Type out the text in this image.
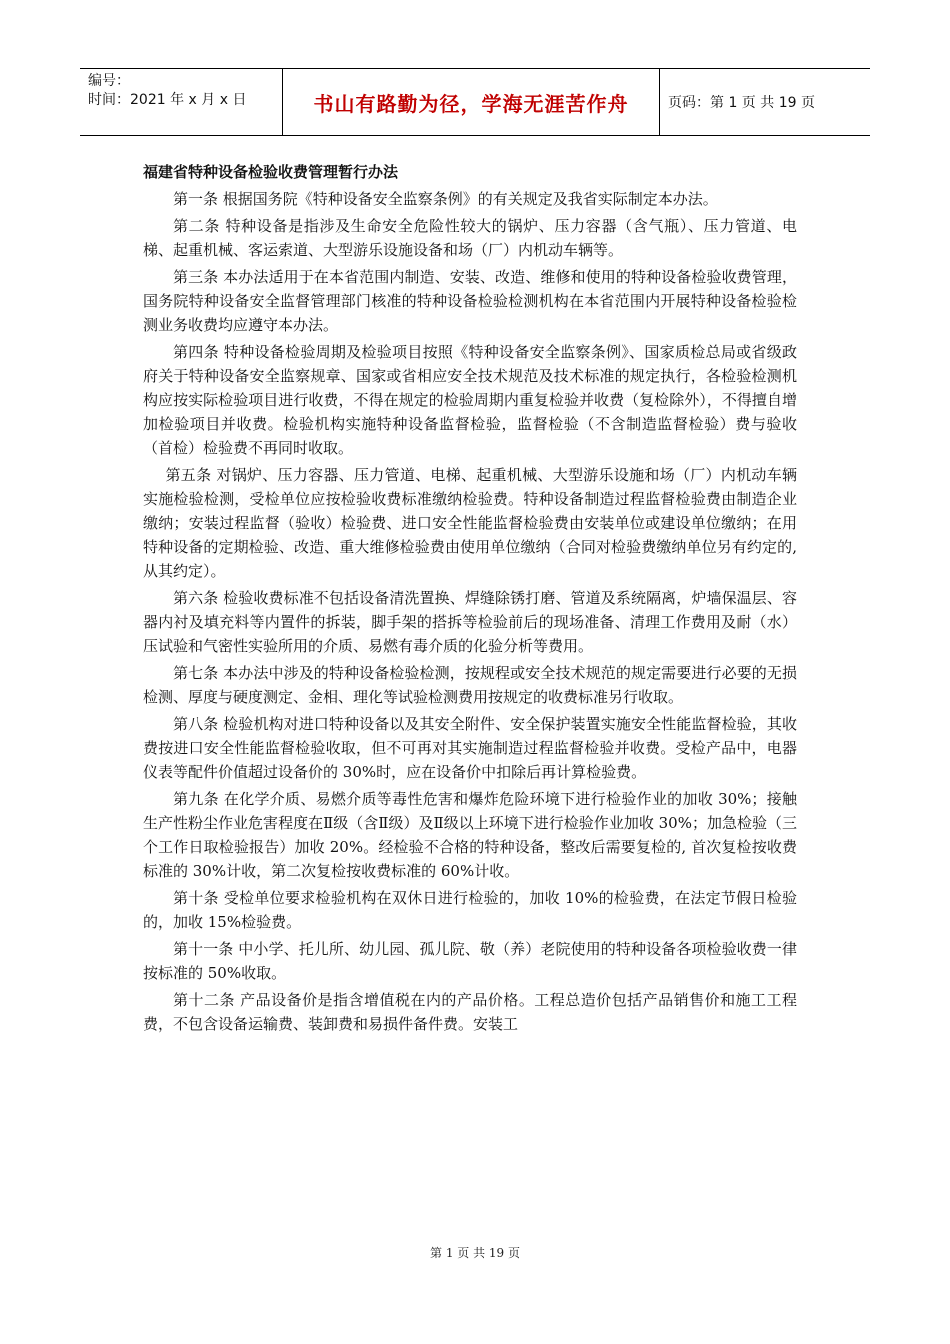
编号：
时间：2021 年 x 月 x 日	书山有路勤为径，学海无涯苦作舟	页码：第 1 页 共 19 页
福建省特种设备检验收费管理暂行办法

第一条 根据国务院《特种设备安全监察条例》的有关规定及我省实际制定本办法。

第二条 特种设备是指涉及生命安全危险性较大的锅炉、压力容器（含气瓶）、压力管道、电梯、起重机械、客运索道、大型游乐设施设备和场（厂）内机动车辆等。

第三条 本办法适用于在本省范围内制造、安装、改造、维修和使用的特种设备检验收费管理，国务院特种设备安全监督管理部门核准的特种设备检验检测机构在本省范围内开展特种设备检验检测业务收费均应遵守本办法。

第四条 特种设备检验周期及检验项目按照《特种设备安全监察条例》、国家质检总局或省级政府关于特种设备安全监察规章、国家或省相应安全技术规范及技术标准的规定执行，各检验检测机构应按实际检验项目进行收费，不得在规定的检验周期内重复检验并收费（复检除外），不得擅自增加检验项目并收费。检验机构实施特种设备监督检验，监督检验（不含制造监督检验）费与验收（首检）检验费不再同时收取。

第五条 对锅炉、压力容器、压力管道、电梯、起重机械、大型游乐设施和场（厂）内机动车辆实施检验检测，受检单位应按检验收费标准缴纳检验费。特种设备制造过程监督检验费由制造企业缴纳；安装过程监督（验收）检验费、进口安全性能监督检验费由安装单位或建设单位缴纳；在用特种设备的定期检验、改造、重大维修检验费由使用单位缴纳（合同对检验费缴纳单位另有约定的, 从其约定）。

第六条 检验收费标准不包括设备清洗置换、焊缝除锈打磨、管道及系统隔离，炉墙保温层、容器内衬及填充料等内置件的拆装，脚手架的搭拆等检验前后的现场准备、清理工作费用及耐（水）压试验和气密性实验所用的介质、易燃有毒介质的化验分析等费用。

第七条 本办法中涉及的特种设备检验检测，按规程或安全技术规范的规定需要进行必要的无损检测、厚度与硬度测定、金相、理化等试验检测费用按规定的收费标准另行收取。

第八条 检验机构对进口特种设备以及其安全附件、安全保护装置实施安全性能监督检验，其收费按进口安全性能监督检验收取，但不可再对其实施制造过程监督检验并收费。受检产品中，电器仪表等配件价值超过设备价的 30%时，应在设备价中扣除后再计算检验费。

第九条 在化学介质、易燃介质等毒性危害和爆炸危险环境下进行检验作业的加收 30%；接触生产性粉尘作业危害程度在Ⅱ级（含Ⅱ级）及Ⅱ级以上环境下进行检验作业加收 30%；加急检验（三个工作日取检验报告）加收 20%。经检验不合格的特种设备，整改后需要复检的, 首次复检按收费标准的 30%计收，第二次复检按收费标准的 60%计收。

第十条 受检单位要求检验机构在双休日进行检验的，加收 10%的检验费，在法定节假日检验的，加收 15%检验费。

第十一条 中小学、托儿所、幼儿园、孤儿院、敬（养）老院使用的特种设备各项检验收费一律按标准的 50%收取。

第十二条 产品设备价是指含增值税在内的产品价格。工程总造价包括产品销售价和施工工程费，不包含设备运输费、装卸费和易损件备件费。安装工

第 1 页 共 19 页
